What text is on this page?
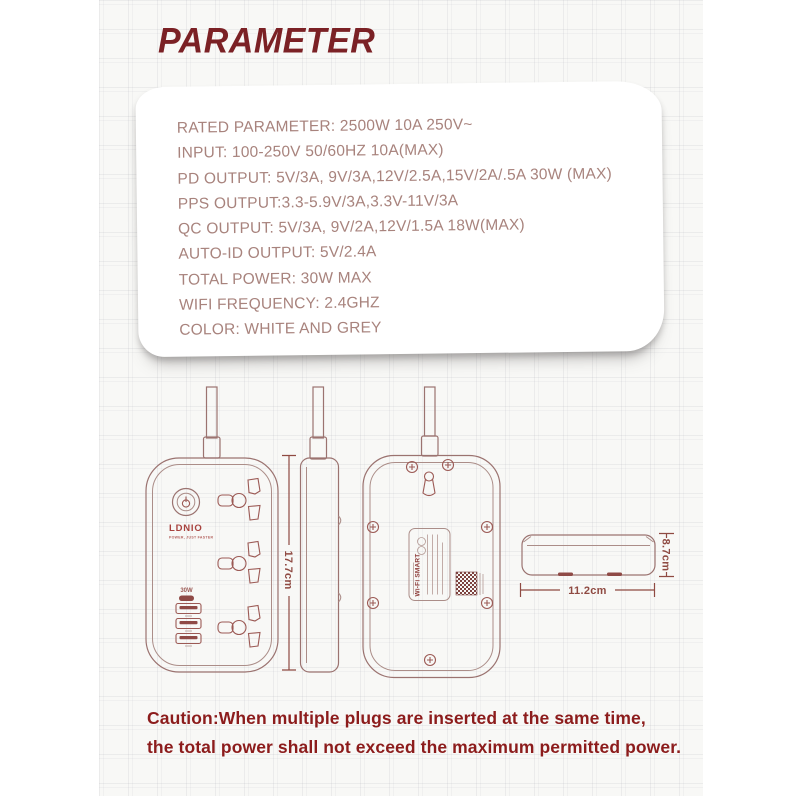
PARAMETER
RATED PARAMETER: 2500W 10A 250V~
INPUT: 100-250V 50/60HZ 10A(MAX)
PD OUTPUT: 5V/3A, 9V/3A,12V/2.5A,15V/2A/.5A 30W (MAX)
PPS OUTPUT:3.3-5.9V/3A,3.3V-11V/3A
QC OUTPUT: 5V/3A, 9V/2A,12V/1.5A 18W(MAX)
AUTO-ID OUTPUT: 5V/2.4A
TOTAL POWER: 30W MAX
WIFI FREQUENCY: 2.4GHZ
COLOR: WHITE AND GREY
LDNIO
POWER, JUST FASTER
30W
17.7cm	Wi-Fi SMART	8.7cm
11.2cm
Caution:When multiple plugs are inserted at the same time,
the total power shall not exceed the maximum permitted power.
